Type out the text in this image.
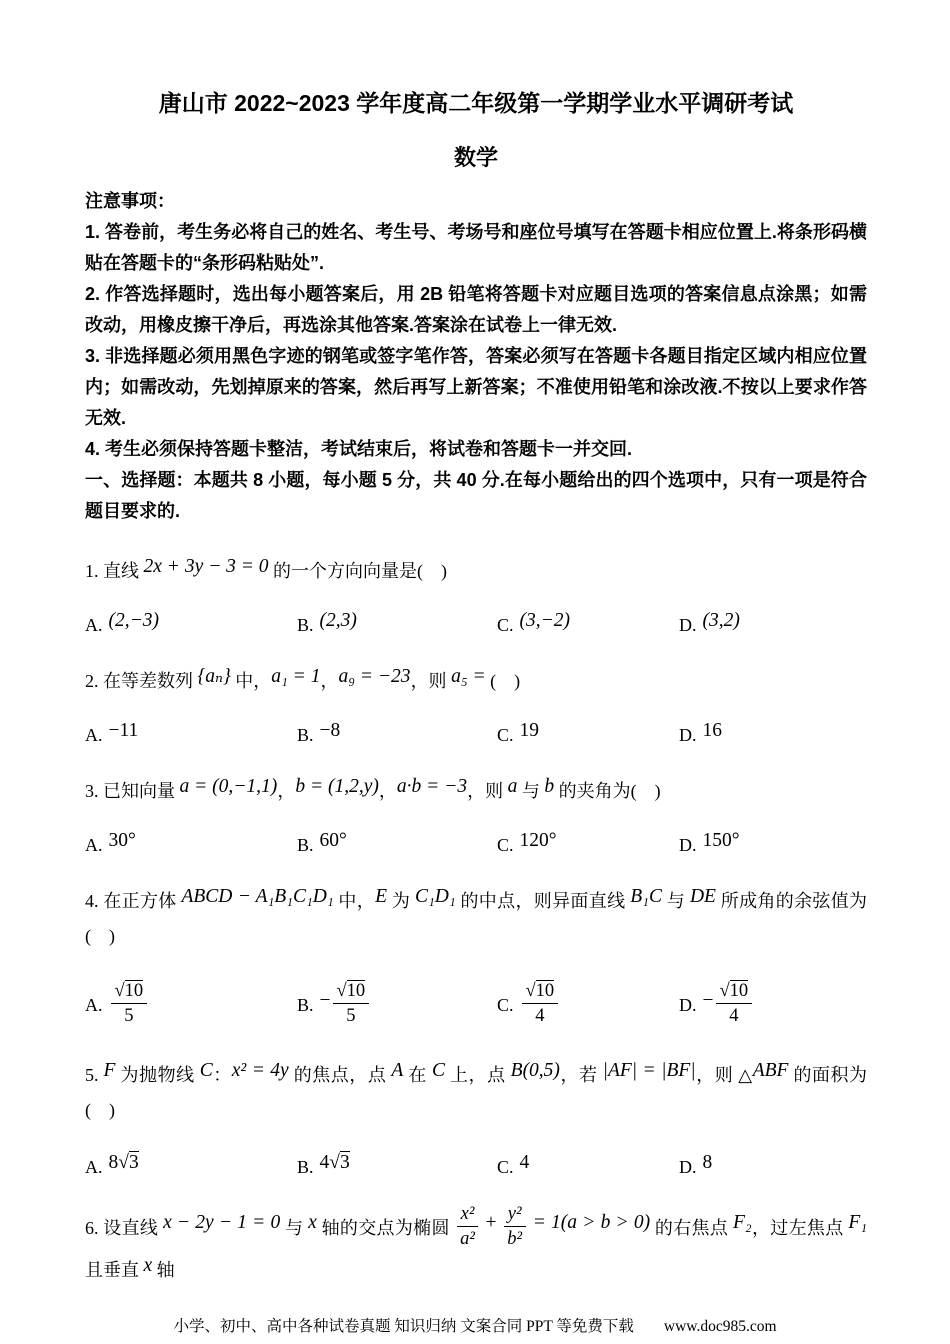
唐山市 2022~2023 学年度高二年级第一学期学业水平调研考试
数学

注意事项：

1. 答卷前，考生务必将自己的姓名、考生号、考场号和座位号填写在答题卡相应位置上.将条形码横贴在答题卡的“条形码粘贴处”.

2. 作答选择题时，选出每小题答案后，用 2B 铅笔将答题卡对应题目选项的答案信息点涂黑；如需改动，用橡皮擦干净后，再选涂其他答案.答案涂在试卷上一律无效.

3. 非选择题必须用黑色字迹的钢笔或签字笔作答，答案必须写在答题卡各题目指定区域内相应位置内；如需改动，先划掉原来的答案，然后再写上新答案；不准使用铅笔和涂改液.不按以上要求作答无效.

4. 考生必须保持答题卡整洁，考试结束后，将试卷和答题卡一并交回.

一、选择题：本题共 8 小题，每小题 5 分，共 40 分.在每小题给出的四个选项中，只有一项是符合题目要求的.

1. 直线 2x + 3y − 3 = 0 的一个方向向量是(　)
A. (2,−3)	B. (2,3)	C. (3,−2)	D. (3,2)
2. 在等差数列 {aₙ} 中，a₁ = 1，a₉ = −23，则 a₅ = (　)
A. −11	B. −8	C. 19	D. 16
3. 已知向量 a = (0,−1,1)，b = (1,2,y)，a·b = −3，则 a 与 b 的夹角为(　)
A. 30°	B. 60°	C. 120°	D. 150°
4. 在正方体 ABCD − A₁B₁C₁D₁ 中，E 为 C₁D₁ 的中点，则异面直线 B₁C 与 DE 所成角的余弦值为(　)
A. $\frac{√10}{5}$	B. − $\frac{√10}{5}$	C. $\frac{√10}{4}$	D. − $\frac{√10}{4}$
5. F 为抛物线 C：x² = 4y 的焦点，点 A 在 C 上，点 B(0,5)，若 |AF| = |BF|，则 △ABF 的面积为(　)
A. 8√3	B. 4√3	C. 4	D. 8
6. 设直线 x − 2y − 1 = 0 与 x 轴的交点为椭圆 $\frac{\text{x²}}{\text{a²}} + \frac{\text{y²}}{\text{b²}} = 1(a > b > 0)$ 的右焦点 F₂，过左焦点 F₁ 且垂直 x 轴
小学、初中、高中各种试卷真题 知识归纳 文案合同 PPT 等免费下载 www.doc985.com
